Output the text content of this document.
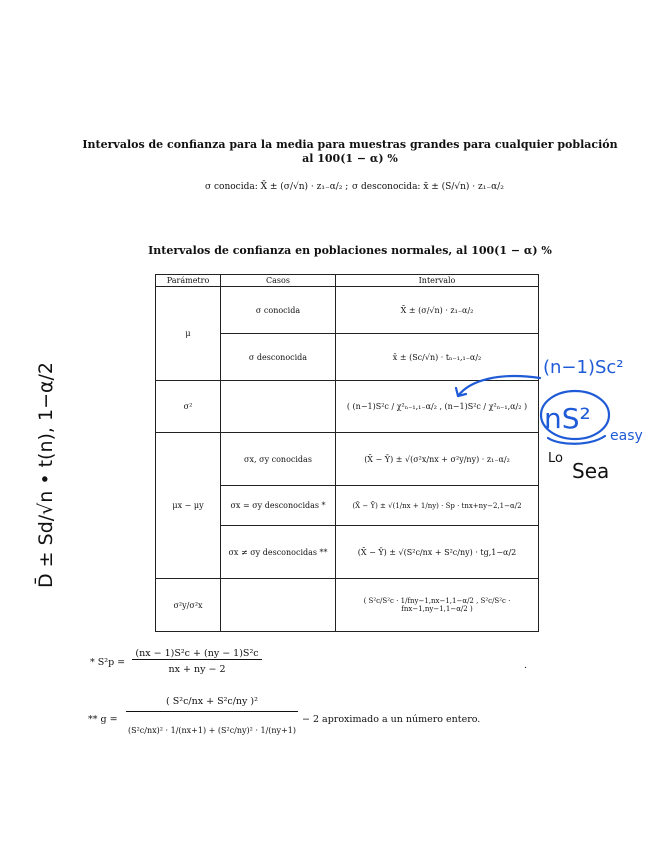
Intervalos de confianza para la media para muestras grandes para cualquier población
al 100(1 − α) %
σ conocida: X̄ ± (σ/√n) · z₁₋α/₂ ; σ desconocida: x̄ ± (S/√n) · z₁₋α/₂
Intervalos de confianza en poblaciones normales, al 100(1 − α) %
Parámetro	Casos	Intervalo
μ	σ conocida	X̄ ± (σ/√n) · z₁₋α/₂
	σ desconocida	x̄ ± (Sc/√n) · tₙ₋₁,₁₋α/₂
σ²		( (n−1)S²c / χ²ₙ₋₁,₁₋α/₂ , (n−1)S²c / χ²ₙ₋₁,α/₂ )
μx − μy	σx, σy conocidas	(X̄ − Ȳ) ± √(σ²x/nx + σ²y/ny) · z₁₋α/₂
	σx = σy desconocidas *	(X̄ − Ȳ) ± √(1/nx + 1/ny) · Sp · tnx+ny−2,1−α/2
	σx ≠ σy desconocidas **	(X̄ − Ȳ) ± √(S²c/nx + S²c/ny) · tg,1−α/2
σ²y/σ²x		( S²c/S²c · 1/fny−1,nx−1,1−α/2 , S²c/S²c · fnx−1,ny−1,1−α/2 )
* S²p =
(nx − 1)S²c + (ny − 1)S²c
nx + ny − 2	.
** g =
( S²c/nx + S²c/ny )²
(S²c/nx)² · 1/(nx+1) + (S²c/ny)² · 1/(ny+1)
− 2 aproximado a un número entero.
(n−1)Sc²
nS²
easy
Lo
Sea
D̄ ± Sd/√n • t(n), 1−α/2
